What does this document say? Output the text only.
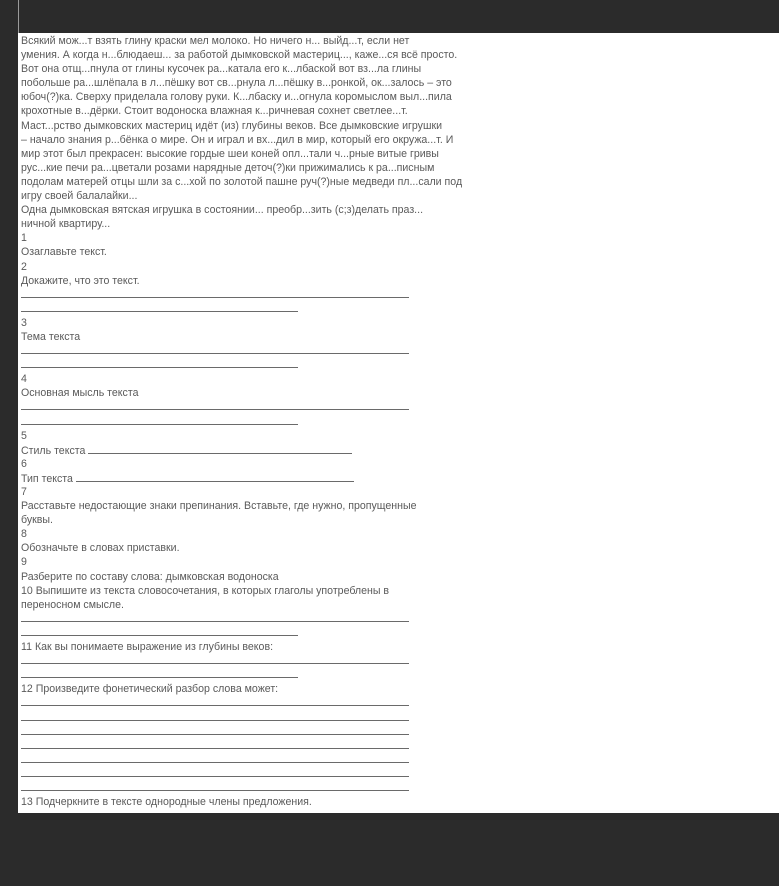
Всякий мож...т взять глину краски мел молоко. Но ничего н... выйд...т, если нет
умения. А когда н...блюдаеш... за работой дымковской мастериц..., каже...ся всё просто.
Вот она отщ...пнула от глины кусочек ра...катала его к...лбаской вот вз...ла глины
побольше ра...шлёпала в л...пёшку вот св...рнула л...пёшку в...ронкой, ок...залось – это
юбоч(?)ка. Сверху приделала голову руки. К...лбаску и...огнула коромыслом выл...пила
крохотные в...дёрки. Стоит водоноска влажная к...ричневая сохнет светлее...т.
Маст...рство дымковских мастериц идёт (из) глубины веков. Все дымковские игрушки
– начало знания р...бёнка о мире. Он и играл и вх...дил в мир, который его окружа...т. И
мир этот был прекрасен: высокие гордые шеи коней опл...тали ч...рные витые гривы
рус...кие печи ра...цветали розами нарядные деточ(?)ки прижимались к ра...писным
подолам матерей отцы шли за с...хой по золотой пашне руч(?)ные медведи пл...сали под
игру своей балалайки...
Одна дымковская вятская игрушка в состоянии... преобр...зить (с;з)делать праз...
ничной квартиру...
1
Озаглавьте текст.
2
Докажите, что это текст.
3
Тема текста
4
Основная мысль текста
5
Стиль текста
6
Тип текста
7
Расставьте недостающие знаки препинания. Вставьте, где нужно, пропущенные
буквы.
8
Обозначьте в словах приставки.
9
Разберите по составу слова: дымковская водоноска
10 Выпишите из текста словосочетания, в которых глаголы употреблены в
переносном смысле.
11 Как вы понимаете выражение из глубины веков:
12 Произведите фонетический разбор слова может:
13 Подчеркните в тексте однородные члены предложения.
